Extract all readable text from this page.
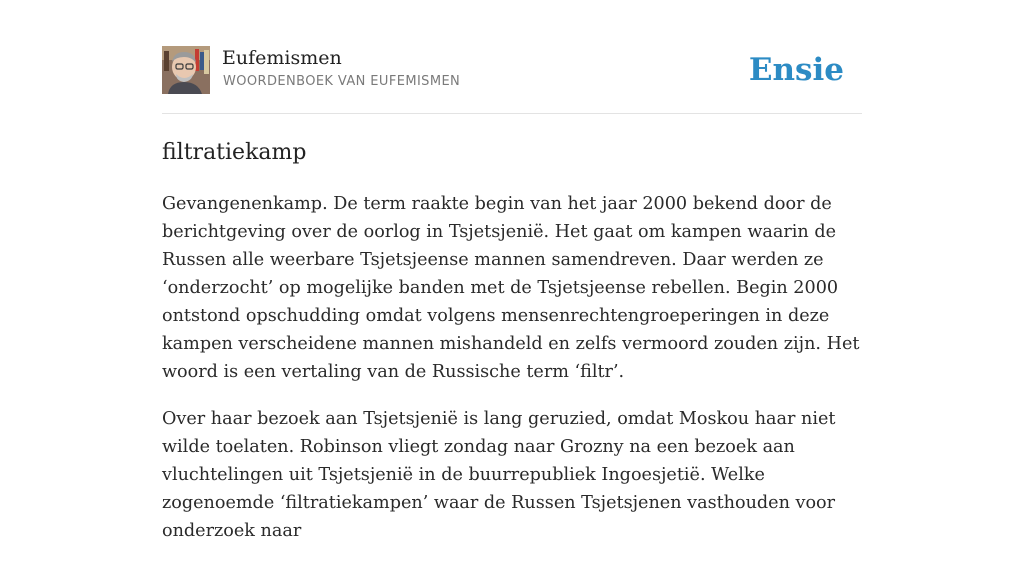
Eufemismen
WOORDENBOEK VAN EUFEMISMEN	Ensie
filtratiekamp

Gevangenenkamp. De term raakte begin van het jaar 2000 bekend door de berichtgeving over de oorlog in Tsjetsjenië. Het gaat om kampen waarin de Russen alle weerbare Tsjetsjeense mannen samendreven. Daar werden ze ‘onderzocht’ op mogelijke banden met de Tsjetsjeense rebellen. Begin 2000 ontstond opschudding omdat volgens mensenrechtengroeperingen in deze kampen verscheidene mannen mishandeld en zelfs vermoord zouden zijn. Het woord is een vertaling van de Russische term ‘filtr’.

Over haar bezoek aan Tsjetsjenië is lang geruzied, omdat Moskou haar niet wilde toelaten. Robinson vliegt zondag naar Grozny na een bezoek aan vluchtelingen uit Tsjetsjenië in de buurrepubliek Ingoesjetië. Welke zogenoemde ‘filtratiekampen’ waar de Russen Tsjetsjenen vasthouden voor onderzoek naar
